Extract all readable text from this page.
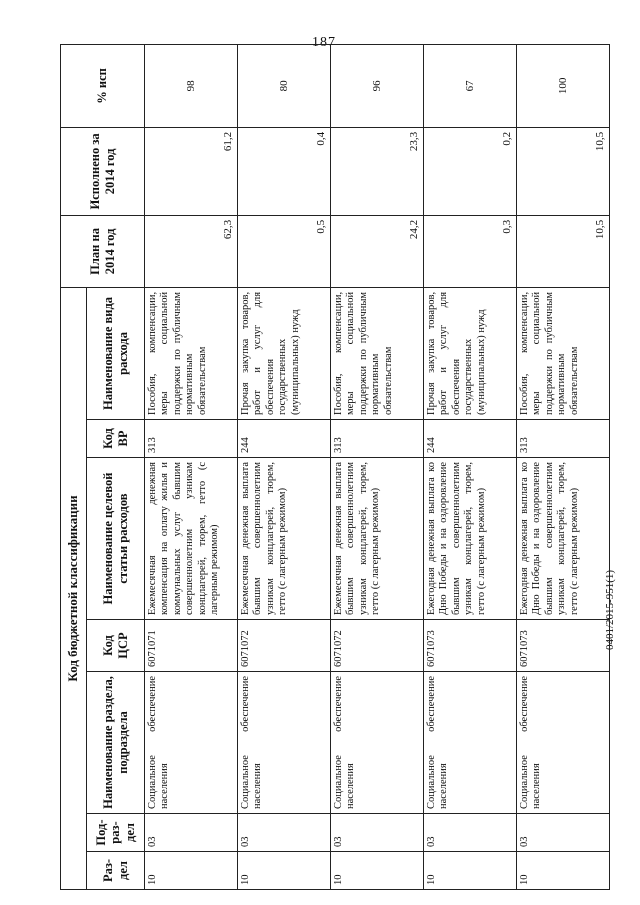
187
0401/2015-951(1)
Код бюджетной классификации							План на 2014 год	Исполнено за 2014 год	% исп
Раз-дел	Под-раз-дел	Наименование раздела, подраздела	Код ЦСР	Наименование целевой статьи расходов	Код ВР	Наименование вида расхода			
10	03	Социальное обеспечение населения	6071071	Ежемесячная денежная компенсация на оплату жилья и коммунальных услуг бывшим совершеннолетним узникам концлагерей, тюрем, гетто (с лагерным режимом)	313	Пособия, компенсации, меры социальной поддержки по публичным нормативным обязательствам	62,3	61,2	98
10	03	Социальное обеспечение населения	6071072	Ежемесячная денежная выплата бывшим совершеннолетним узникам концлагерей, тюрем, гетто (с лагерным режимом)	244	Прочая закупка товаров, работ и услуг для обеспечения государственных (муниципальных) нужд	0,5	0,4	80
10	03	Социальное обеспечение населения	6071072	Ежемесячная денежная выплата бывшим совершеннолетним узникам концлагерей, тюрем, гетто (с лагерным режимом)	313	Пособия, компенсации, меры социальной поддержки по публичным нормативным обязательствам	24,2	23,3	96
10	03	Социальное обеспечение населения	6071073	Ежегодная денежная выплата ко Дню Победы и на оздоровление бывшим совершеннолетним узникам концлагерей, тюрем, гетто (с лагерным режимом)	244	Прочая закупка товаров, работ и услуг для обеспечения государственных (муниципальных) нужд	0,3	0,2	67
10	03	Социальное обеспечение населения	6071073	Ежегодная денежная выплата ко Дню Победы и на оздоровление бывшим совершеннолетним узникам концлагерей, тюрем, гетто (с лагерным режимом)	313	Пособия, компенсации, меры социальной поддержки по публичным нормативным обязательствам	10,5	10,5	100
